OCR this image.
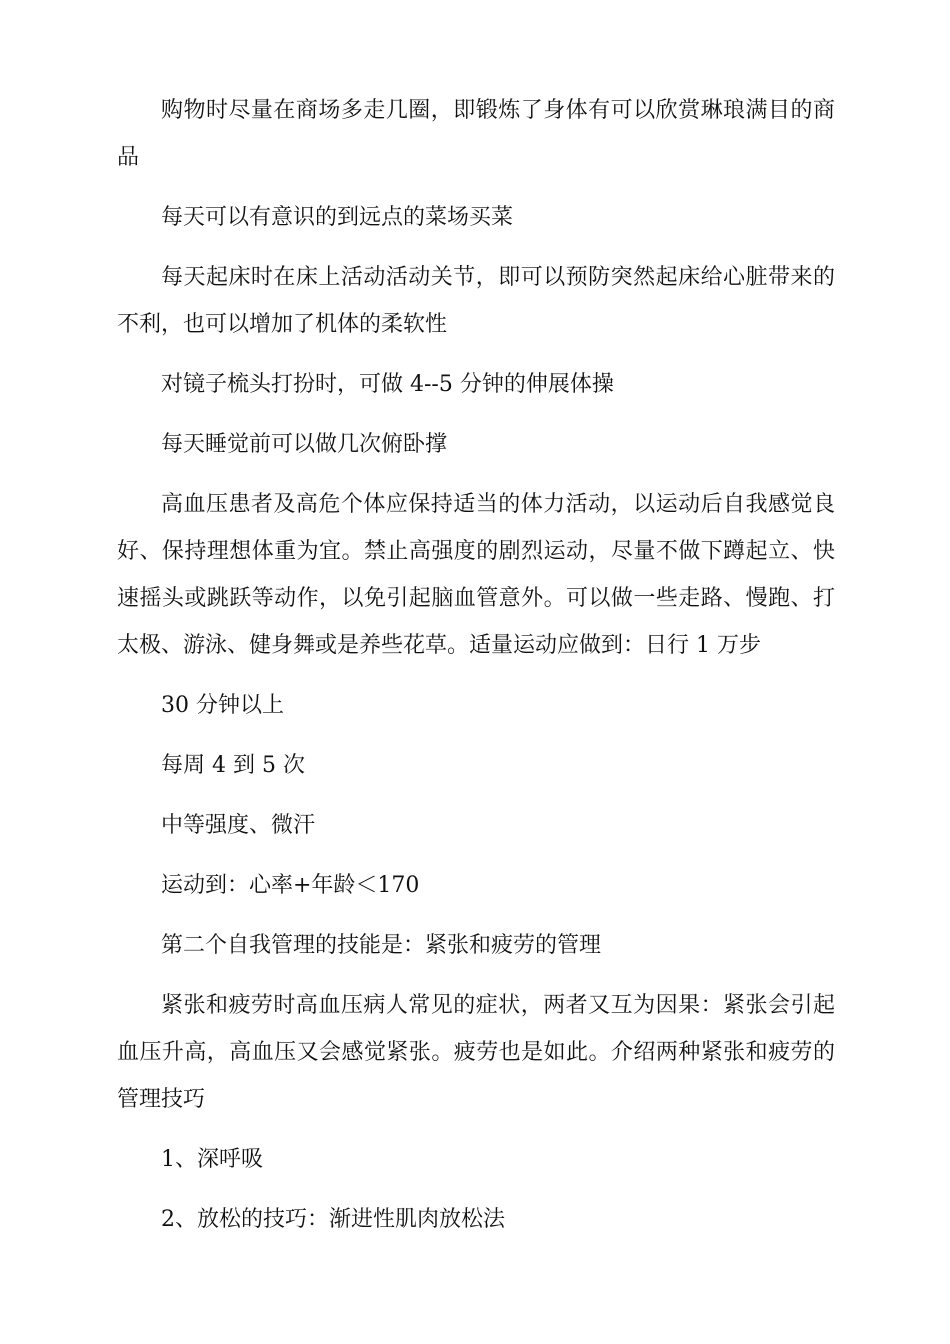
购物时尽量在商场多走几圈，即锻炼了身体有可以欣赏琳琅满目的商品

每天可以有意识的到远点的菜场买菜

每天起床时在床上活动活动关节，即可以预防突然起床给心脏带来的不利，也可以增加了机体的柔软性

对镜子梳头打扮时，可做 4--5 分钟的伸展体操

每天睡觉前可以做几次俯卧撑

高血压患者及高危个体应保持适当的体力活动，以运动后自我感觉良好、保持理想体重为宜。禁止高强度的剧烈运动，尽量不做下蹲起立、快速摇头或跳跃等动作，以免引起脑血管意外。可以做一些走路、慢跑、打太极、游泳、健身舞或是养些花草。适量运动应做到：日行 1 万步

30 分钟以上

每周 4 到 5 次

中等强度、微汗

运动到：心率+年龄＜170

第二个自我管理的技能是：紧张和疲劳的管理

紧张和疲劳时高血压病人常见的症状，两者又互为因果：紧张会引起血压升高，高血压又会感觉紧张。疲劳也是如此。介绍两种紧张和疲劳的管理技巧

1、深呼吸

2、放松的技巧：渐进性肌肉放松法
